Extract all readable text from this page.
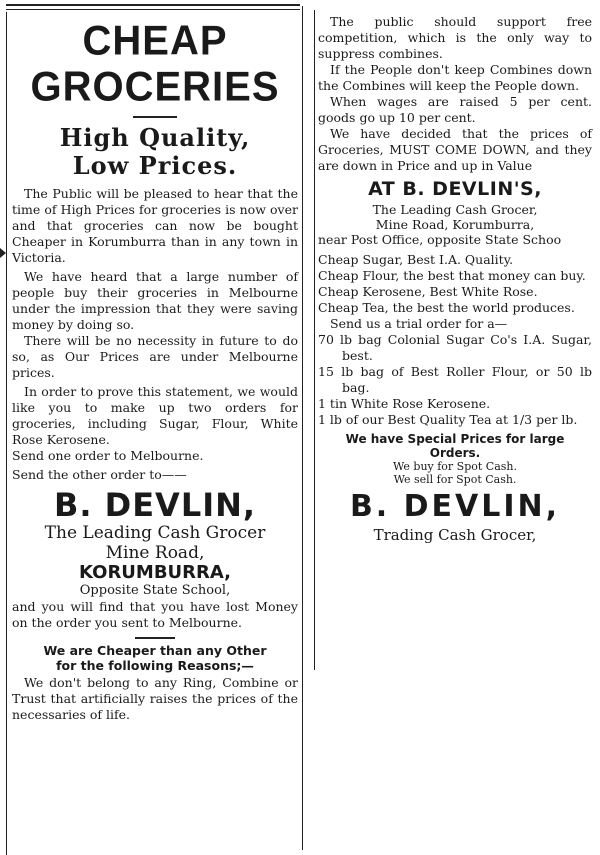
CHEAP
GROCERIES
High Quality,
Low Prices.

The Public will be pleased to hear that the time of High Prices for groceries is now over and that groceries can now be bought Cheaper in Korumburra than in any town in Victoria.

We have heard that a large number of people buy their groceries in Melbourne under the impression that they were saving money by doing so.

There will be no necessity in future to do so, as Our Prices are under Melbourne prices.

In order to prove this statement, we would like you to make up two orders for groceries, including Sugar, Flour, White Rose Kerosene.

Send one order to Melbourne.

Send the other order to——

B. DEVLIN,
The Leading Cash Grocer
Mine Road,
KORUMBURRA,
Opposite State School,

and you will find that you have lost Money on the order you sent to Melbourne.

We are Cheaper than any Other
for the following Reasons;—

We don't belong to any Ring, Combine or Trust that artificially raises the prices of the necessaries of life.

The public should support free competition, which is the only way to suppress combines.

If the People don't keep Combines down the Combines will keep the People down.

When wages are raised 5 per cent. goods go up 10 per cent.

We have decided that the prices of Groceries, MUST COME DOWN, and they are down in Price and up in Value

AT B. DEVLIN'S,
The Leading Cash Grocer,
Mine Road, Korumburra,

near Post Office, opposite State Schoo

Cheap Sugar, Best I.A. Quality.

Cheap Flour, the best that money can buy.

Cheap Kerosene, Best White Rose.

Cheap Tea, the best the world produces.

Send us a trial order for a—

70 lb bag Colonial Sugar Co's I.A. Sugar, best.

15 lb bag of Best Roller Flour, or 50 lb bag.

1 tin White Rose Kerosene.

1 lb of our Best Quality Tea at 1/3 per lb.

We have Special Prices for large
Orders.
We buy for Spot Cash.
We sell for Spot Cash.
B. DEVLIN,
Trading Cash Grocer,
